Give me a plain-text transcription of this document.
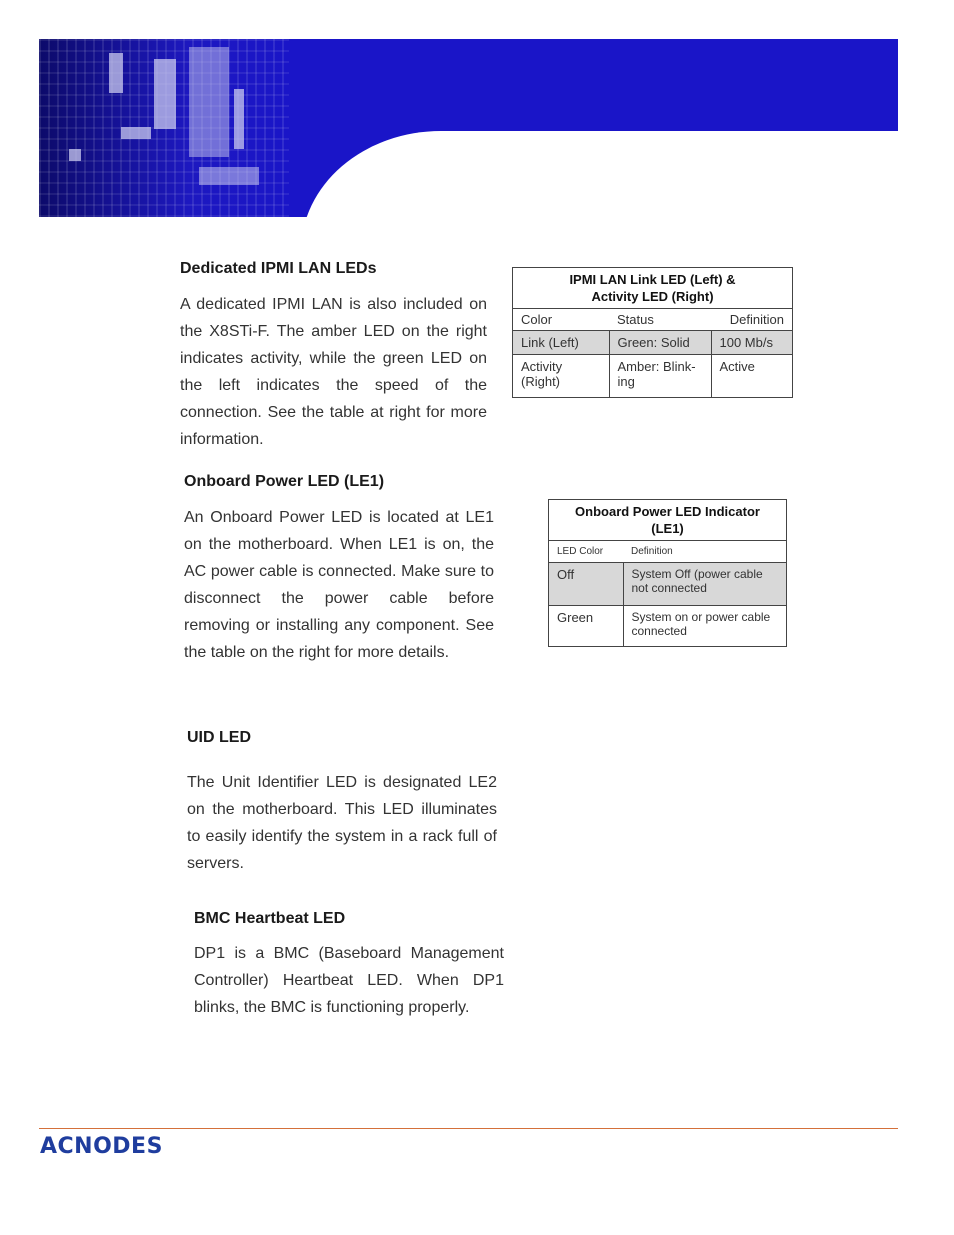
Dedicated IPMI LAN LEDs

A dedicated IPMI LAN is also included on the X8STi-F. The amber LED on the right indicates activity, while the green LED on the left indicates the speed of the connection. See the table at right for more information.

IPMI LAN Link LED (Left) &
Activity LED (Right)		
Color	Status	Definition
Link (Left)	Green: Solid	100 Mb/s
Activity (Right)	Amber: Blink-ing	Active
Onboard Power LED (LE1)

An Onboard Power LED is located at LE1 on the motherboard. When LE1 is on, the AC power cable is connected. Make sure to disconnect the power cable before removing or installing any component. See the table on the right for more details.

Onboard Power LED Indicator
(LE1)	
LED Color	Definition
Off	System Off (power cable not connected
Green	System on or power cable connected
UID LED

The Unit Identifier LED is designated LE2 on the motherboard. This LED illuminates to easily identify the system in a rack full of servers.

BMC Heartbeat LED

DP1 is a BMC (Baseboard Management Controller) Heartbeat LED. When DP1 blinks, the BMC is functioning properly.

ACNODES
